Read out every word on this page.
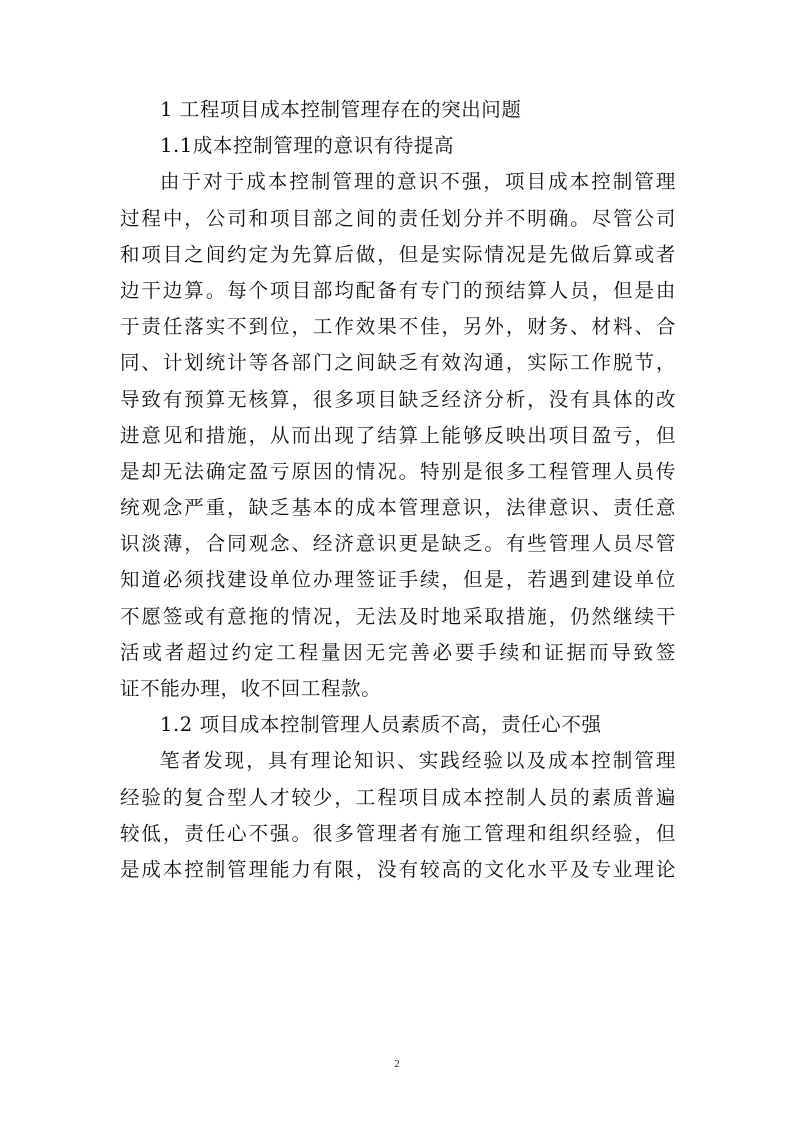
1 工程项目成本控制管理存在的突出问题
1.1成本控制管理的意识有待提高
由于对于成本控制管理的意识不强，项目成本控制管理
过程中，公司和项目部之间的责任划分并不明确。尽管公司
和项目之间约定为先算后做，但是实际情况是先做后算或者
边干边算。每个项目部均配备有专门的预结算人员，但是由
于责任落实不到位，工作效果不佳，另外，财务、材料、合
同、计划统计等各部门之间缺乏有效沟通，实际工作脱节，
导致有预算无核算，很多项目缺乏经济分析，没有具体的改
进意见和措施，从而出现了结算上能够反映出项目盈亏，但
是却无法确定盈亏原因的情况。特别是很多工程管理人员传
统观念严重，缺乏基本的成本管理意识，法律意识、责任意
识淡薄，合同观念、经济意识更是缺乏。有些管理人员尽管
知道必须找建设单位办理签证手续，但是，若遇到建设单位
不愿签或有意拖的情况，无法及时地采取措施，仍然继续干
活或者超过约定工程量因无完善必要手续和证据而导致签
证不能办理，收不回工程款。
1.2 项目成本控制管理人员素质不高，责任心不强
笔者发现，具有理论知识、实践经验以及成本控制管理
经验的复合型人才较少，工程项目成本控制人员的素质普遍
较低，责任心不强。很多管理者有施工管理和组织经验，但
是成本控制管理能力有限，没有较高的文化水平及专业理论
2
